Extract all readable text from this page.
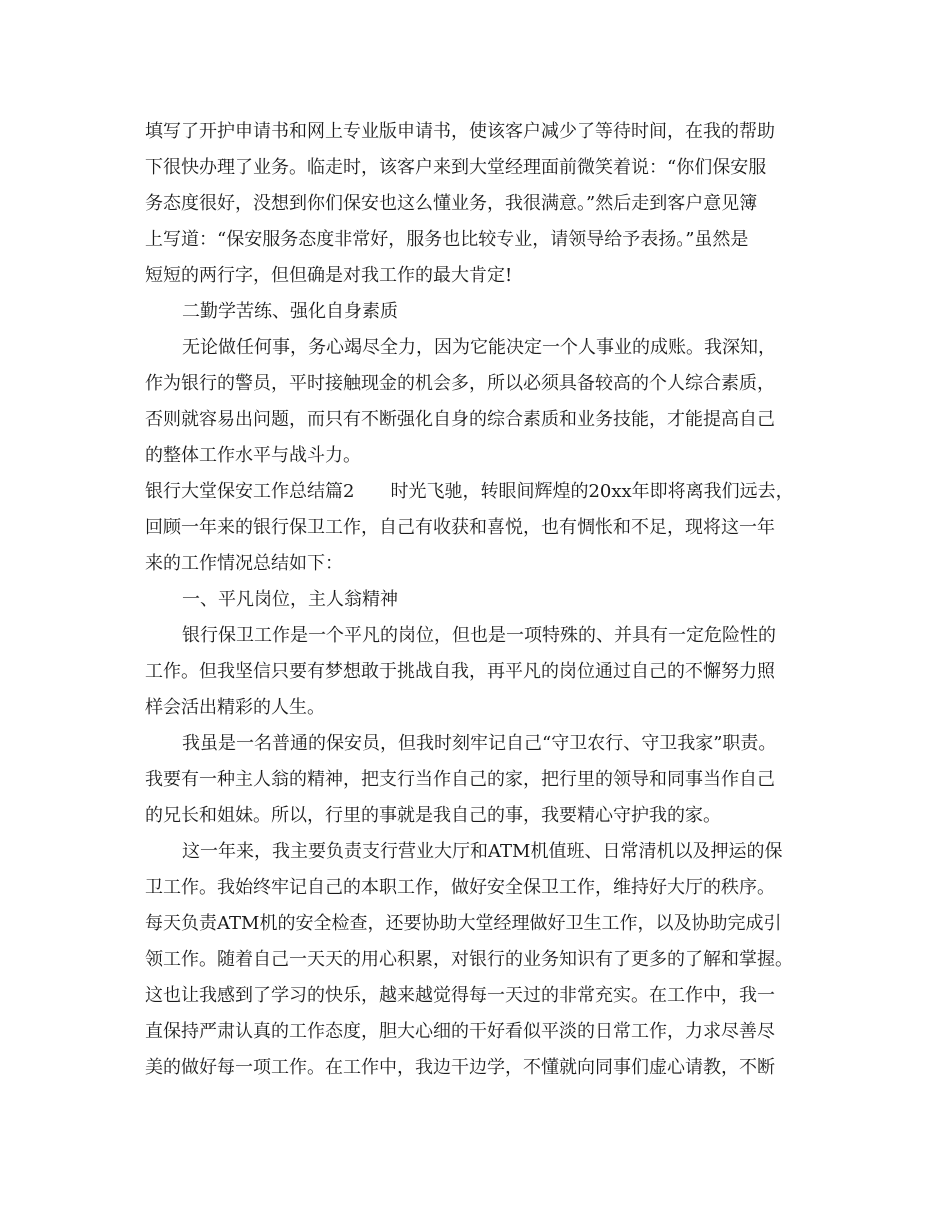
填写了开护申请书和网上专业版申请书，使该客户减少了等待时间，在我的帮助
下很快办理了业务。临走时，该客户来到大堂经理面前微笑着说：“你们保安服
务态度很好，没想到你们保安也这么懂业务，我很满意。”然后走到客户意见簿
上写道：“保安服务态度非常好，服务也比较专业，请领导给予表扬。”虽然是
短短的两行字，但但确是对我工作的最大肯定!
二勤学苦练、强化自身素质
无论做任何事，务心竭尽全力，因为它能决定一个人事业的成账。我深知，
作为银行的警员，平时接触现金的机会多，所以必须具备较高的个人综合素质，
否则就容易出问题，而只有不断强化自身的综合素质和业务技能，才能提高自己
的整体工作水平与战斗力。
银行大堂保安工作总结篇2　　时光飞驰，转眼间辉煌的20xx年即将离我们远去，
回顾一年来的银行保卫工作，自己有收获和喜悦，也有惆怅和不足，现将这一年
来的工作情况总结如下：
一、平凡岗位，主人翁精神
银行保卫工作是一个平凡的岗位，但也是一项特殊的、并具有一定危险性的
工作。但我坚信只要有梦想敢于挑战自我，再平凡的岗位通过自己的不懈努力照
样会活出精彩的人生。
我虽是一名普通的保安员，但我时刻牢记自己“守卫农行、守卫我家”职责。
我要有一种主人翁的精神，把支行当作自己的家，把行里的领导和同事当作自己
的兄长和姐妹。所以，行里的事就是我自己的事，我要精心守护我的家。
这一年来，我主要负责支行营业大厅和ATM机值班、日常清机以及押运的保
卫工作。我始终牢记自己的本职工作，做好安全保卫工作，维持好大厅的秩序。
每天负责ATM机的安全检查，还要协助大堂经理做好卫生工作，以及协助完成引
领工作。随着自己一天天的用心积累，对银行的业务知识有了更多的了解和掌握。
这也让我感到了学习的快乐，越来越觉得每一天过的非常充实。在工作中，我一
直保持严肃认真的工作态度，胆大心细的干好看似平淡的日常工作，力求尽善尽
美的做好每一项工作。在工作中，我边干边学，不懂就向同事们虚心请教，不断
